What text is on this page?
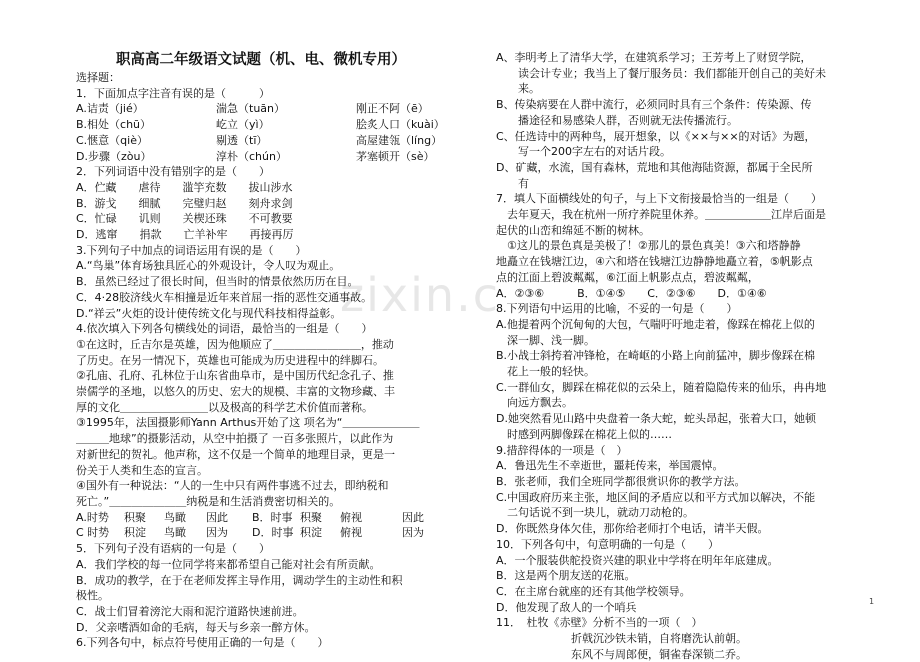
zixin.c
职高高二年级语文试题（机、电、微机专用）
选择题：
1．下面加点字注音有误的是（　　　）
A.诘责（jié）	湍急（tuān）	刚正不阿（ē）
B.相处（chū）	屹立（yì）	脍炙人口（kuài）
C.惬意（qiè）	剔透（tī）	高屋建瓴（líng）
D.步骤（zòu）	淳朴（chún）	茅塞顿开（sè）
2．下列词语中没有错别字的是（　　）
A．伫藏　　虐待　　滥竽充数　　拔山涉水
B．游戈　　细腻　　完璧归赵　　刻舟求剑
C．忙碌　　讥则　　关楔还珠　　不可教要
D．逃窜　　捐款　　亡羊补牢　　再接再厉
3.下列句子中加点的词语运用有误的是（　　）
A.“鸟巢”体育场独具匠心的外观设计，令人叹为观止。
B．虽然已经过了很长时间，但当时的情景依然历历在目。
C．4·28胶济线火车相撞是近年来首屈一指的恶性交通事故。
D.“祥云”火炬的设计使传统文化与现代科技相得益彰。
4.依次填入下列各句横线处的词语，最恰当的一组是（　　）
①在这时，丘吉尔是英雄，因为他顺应了＿＿＿＿＿＿＿＿，推动
了历史。在另一情况下，英雄也可能成为历史进程中的绊脚石。
②孔庙、孔府、孔林位于山东省曲阜市，是中国历代纪念孔子、推
崇儒学的圣地，以悠久的历史、宏大的规模、丰富的文物珍藏、丰
厚的文化＿＿＿＿＿＿＿＿以及极高的科学艺术价值而著称。
③1995年，法国摄影师Yann Arthus开始了这 项名为“＿＿＿＿＿＿＿
＿＿＿地球”的摄影活动，从空中拍摄了 一百多张照片，以此作为
对新世纪的贺礼。他声称，这不仅是一个简单的地理目录，更是一
份关于人类和生态的宣言。
④国外有一种说法：“人的一生中只有两件事逃不过去，即纳税和
死亡。”＿＿＿＿＿＿＿纳税是和生活消费密切相关的。
A.时势	积聚	鸟瞰	因此	B．时事 积聚	俯视	因此
C 时势	积淀	鸟瞰	因为	D．时事 积淀	俯视	因为
5．下列句子没有语病的一句是（　　）
A．我们学校的每一位同学将来都希望自己能对社会有所贡献。
B．成功的教学，在于在老师发挥主导作用，调动学生的主动性和积
极性。
C．战士们冒着滂沱大雨和泥泞道路快速前进。
D．父亲嗜酒如命的毛病，每天与乡亲一醉方休。
6.下列各句中，标点符号使用正确的一句是（　　）
A、李明考上了清华大学，在建筑系学习；王芳考上了财贸学院，
　　读会计专业；我当上了餐厅服务员：我们都能开创自己的美好未
　　来。
B、传染病要在人群中流行，必须同时具有三个条件：传染源、传
　　播途径和易感染人群，否则就无法传播流行。
C、任选诗中的两种鸟，展开想象，以《××与××的对话》为题，
　　写一个200字左右的对话片段。
D、矿藏，水流，国有森林，荒地和其他海陆资源，都属于全民所
　　有
7．填人下面横线处的句子，与上下文衔接最恰当的一组是（　　）
　去年夏天，我在杭州一所疗养院里休养。＿＿＿＿＿＿江岸后面是
起伏的山峦和绵延不断的树林。
　①这儿的景色真是美极了！②那儿的景色真美！③六和塔静静
地矗立在钱塘江边，④六和塔在钱塘江边静静地矗立着，⑤帆影点
点的江面上碧波粼粼，⑥江面上帆影点点，碧波粼粼，
A．②③⑥　　　B．①④⑤　　C．②③⑥　　D．①④⑥
8.下列语句中运用的比喻，不妥的一句是（　　）
A.他提着两个沉甸甸的大包，气喘吁吁地走着，像踩在棉花上似的
　深一脚、浅一脚。
B.小战士斜挎着冲锋枪，在崎岖的小路上向前猛冲，脚步像踩在棉
　花上一般的轻快。
C.一群仙女，脚踩在棉花似的云朵上，随着隐隐传来的仙乐，冉冉地
　向远方飘去。
D.她突然看见山路中央盘着一条大蛇，蛇头昂起，张着大口，她顿
　时感到两脚像踩在棉花上似的……
9.措辞得体的一项是（　）
A．鲁迅先生不幸逝世，噩耗传来，举国震悼。
B．张老师，我们全班同学都很赏识你的教学方法。
C.中国政府历来主张，地区间的矛盾应以和平方式加以解决，不能
　二句话说不到一块儿，就动刀动枪的。
D．你既然身体欠佳，那你给老师打个电话，请半天假。
10．下列各句中，句意明确的一句是（　　）
A．一个服装供舵投资兴建的职业中学将在明年年底建成。
B．这是两个朋友送的花瓶。
C．在主席台就座的还有其他学校领导。
D．他发现了敌人的一个哨兵
11．　杜牧《赤壁》分析不当的一项（　）
折戟沉沙铁未销，自将磨洗认前朝。
东风不与周郎便，铜雀春深锁二乔。
1
